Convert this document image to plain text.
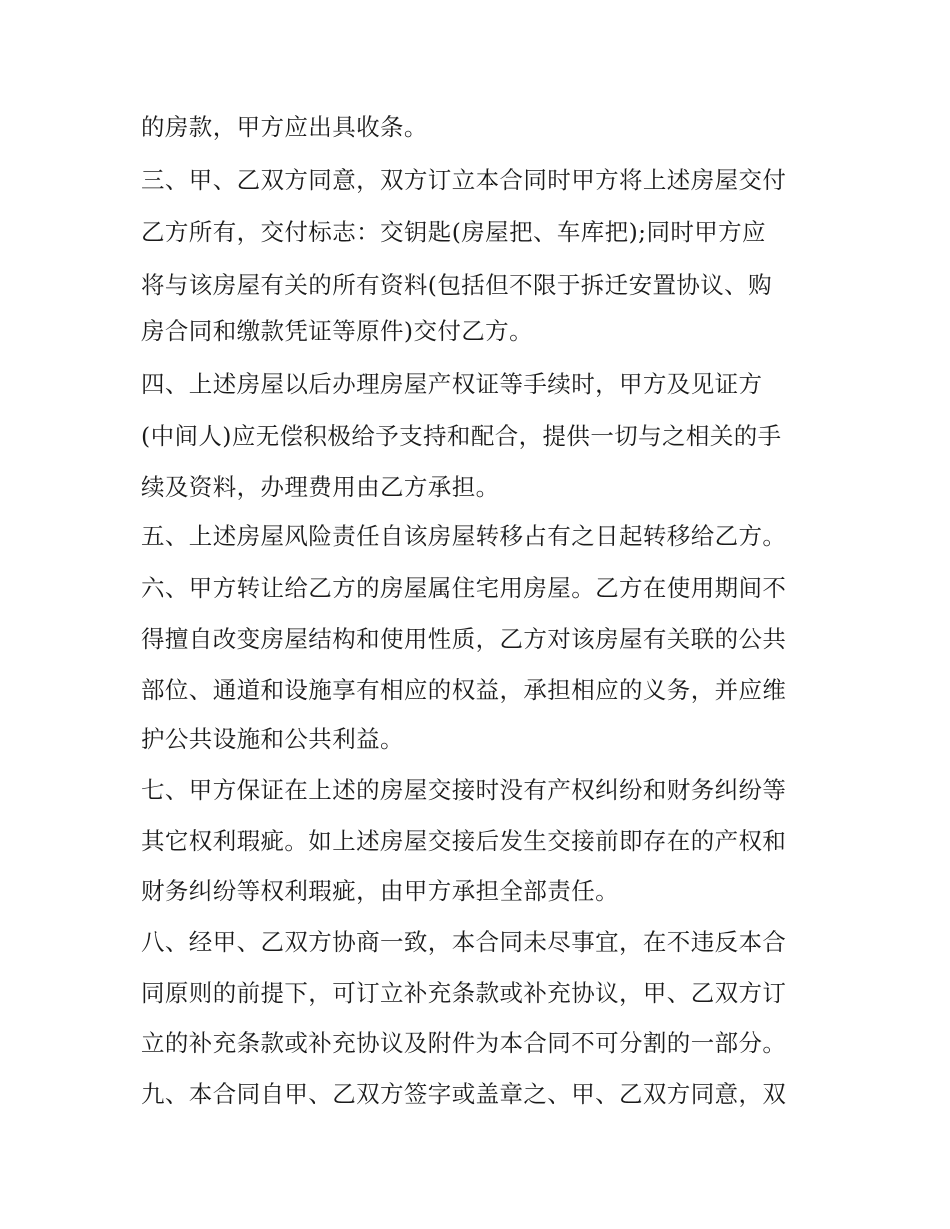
的房款，甲方应出具收条。
三、甲、乙双方同意，双方订立本合同时甲方将上述房屋交付
乙方所有，交付标志：交钥匙(房屋把、车库把);同时甲方应
将与该房屋有关的所有资料(包括但不限于拆迁安置协议、购
房合同和缴款凭证等原件)交付乙方。
四、上述房屋以后办理房屋产权证等手续时，甲方及见证方
(中间人)应无偿积极给予支持和配合，提供一切与之相关的手
续及资料，办理费用由乙方承担。
五、上述房屋风险责任自该房屋转移占有之日起转移给乙方。
六、甲方转让给乙方的房屋属住宅用房屋。乙方在使用期间不
得擅自改变房屋结构和使用性质，乙方对该房屋有关联的公共
部位、通道和设施享有相应的权益，承担相应的义务，并应维
护公共设施和公共利益。
七、甲方保证在上述的房屋交接时没有产权纠纷和财务纠纷等
其它权利瑕疵。如上述房屋交接后发生交接前即存在的产权和
财务纠纷等权利瑕疵，由甲方承担全部责任。
八、经甲、乙双方协商一致，本合同未尽事宜，在不违反本合
同原则的前提下，可订立补充条款或补充协议，甲、乙双方订
立的补充条款或补充协议及附件为本合同不可分割的一部分。
九、本合同自甲、乙双方签字或盖章之、甲、乙双方同意，双
